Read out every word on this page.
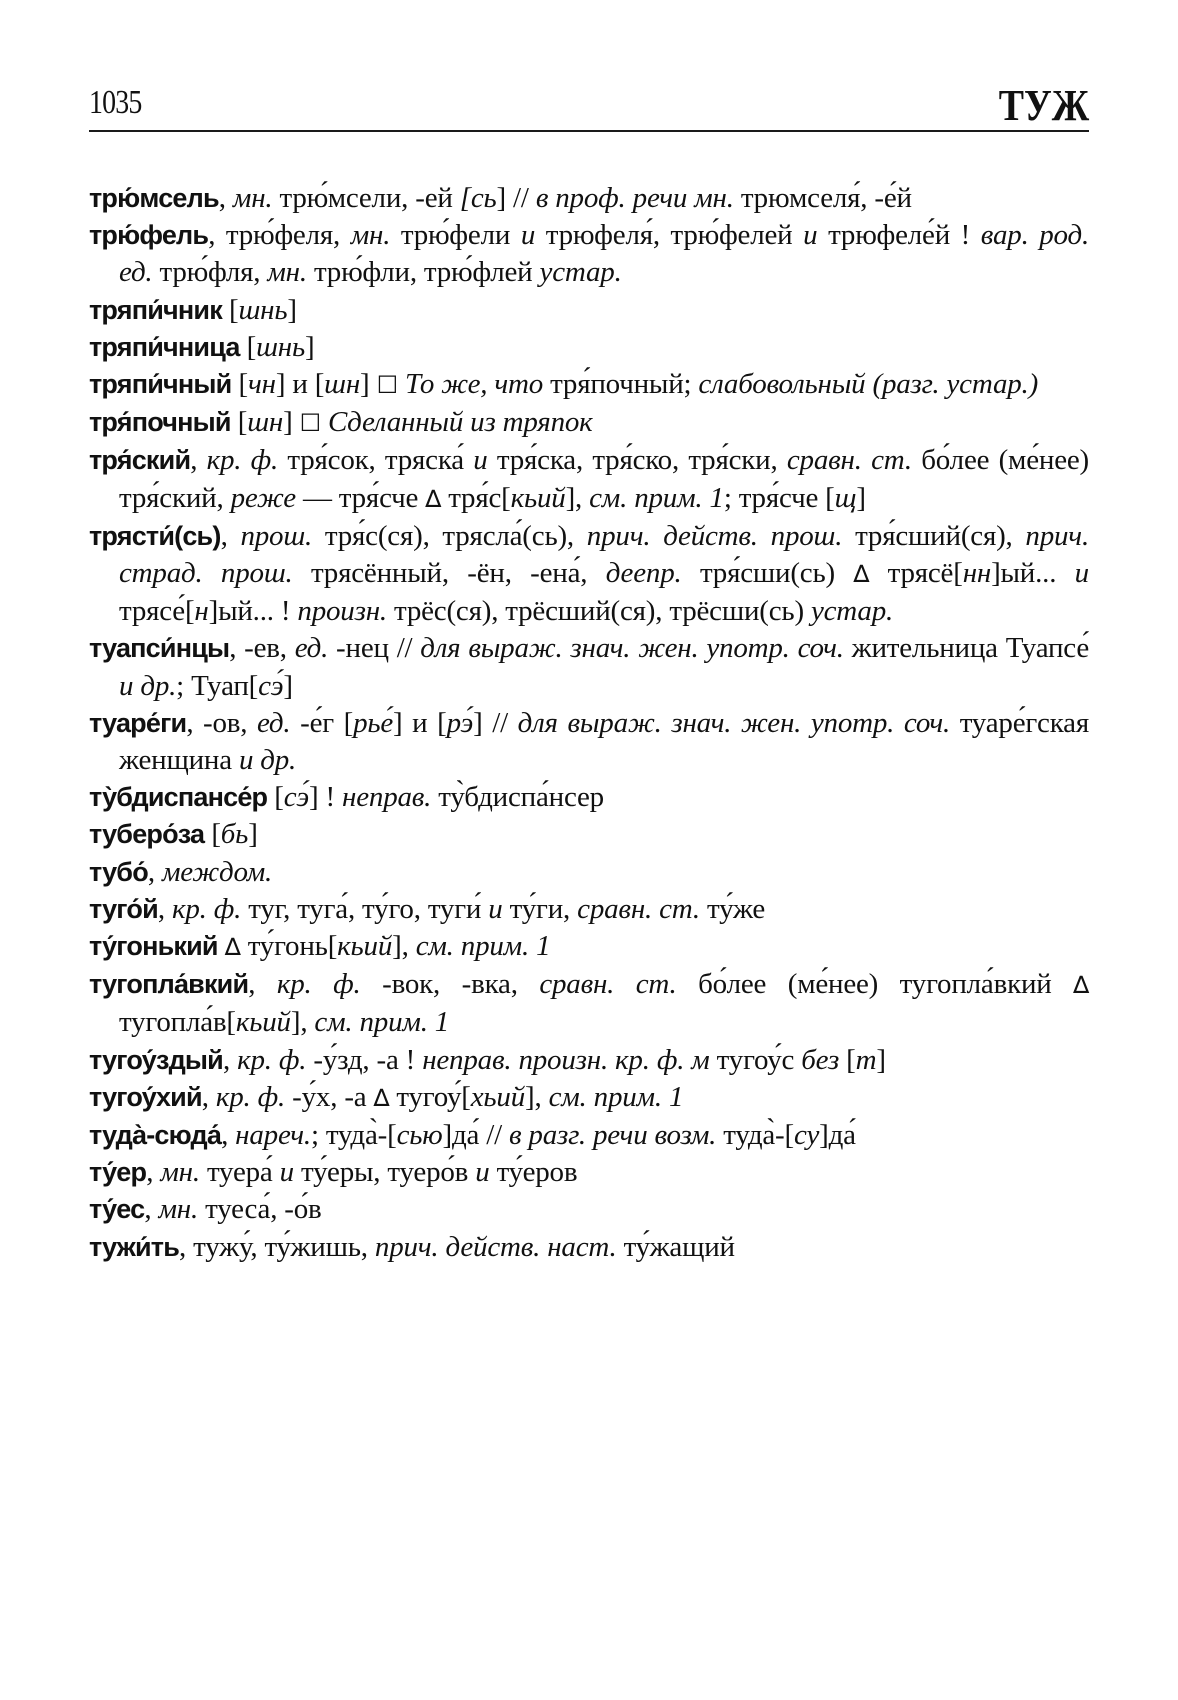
1035	ТУЖ
трю́мсель, мн. трю́мсели, -ей [сь] // в проф. речи мн. трюмселя́, -е́й
трю́фель, трю́феля, мн. трю́фели и трюфеля́, трю́фелей и трюфеле́й ! вар. род. ед. трю́фля, мн. трю́фли, трю́флей устар.
тряпи́чник [шнь]
тряпи́чница [шнь]
тряпи́чный [чн] и [шн] ☐ То же, что тря́почный; слабовольный (разг. устар.)
тря́почный [шн] ☐ Сделанный из тряпок
тря́ский, кр. ф. тря́сок, тряска́ и тря́ска, тря́ско, тря́ски, сравн. ст. бо́лее (ме́нее) тря́ский, реже — тря́сче ∆ тря́с[кьий], см. прим. 1; тря́сче [щ]
трясти́(сь), прош. тря́с(ся), трясла́(сь), прич. действ. прош. тря́сший(ся), прич. страд. прош. трясённый, -ён, -ена́, деепр. тря́сши(сь) ∆ трясё[нн]ый... и трясе́[н]ый... ! произн. трёс(ся), трёсший(ся), трёсши(сь) устар.
туапси́нцы, -ев, ед. -нец // для выраж. знач. жен. употр. соч. жительница Туапсе́ и др.; Туап[сэ́]
туаре́ги, -ов, ед. -е́г [рье́] и [рэ́] // для выраж. знач. жен. употр. соч. туаре́гская женщина и др.
ту̀бдиспансе́р [сэ́] ! неправ. ту̀бдиспа́нсер
туберо́за [бь]
тубо́, междом.
туго́й, кр. ф. туг, туга́, ту́го, туги́ и ту́ги, сравн. ст. ту́же
ту́гонький ∆ ту́гонь[кьий], см. прим. 1
тугопла́вкий, кр. ф. -вок, -вка, сравн. ст. бо́лее (ме́нее) тугопла́вкий ∆ тугопла́в[кьий], см. прим. 1
тугоу́здый, кр. ф. -у́зд, -а ! неправ. произн. кр. ф. м тугоу́с без [т]
тугоу́хий, кр. ф. -у́х, -а ∆ тугоу́[хьий], см. прим. 1
туда̀-сюда́, нареч.; туда̀-[сью]да́ // в разг. речи возм. туда̀-[су]да́
ту́ер, мн. туера́ и ту́еры, туеро́в и ту́еров
ту́ес, мн. туеса́, -о́в
тужи́ть, тужу́, ту́жишь, прич. действ. наст. ту́жащий
